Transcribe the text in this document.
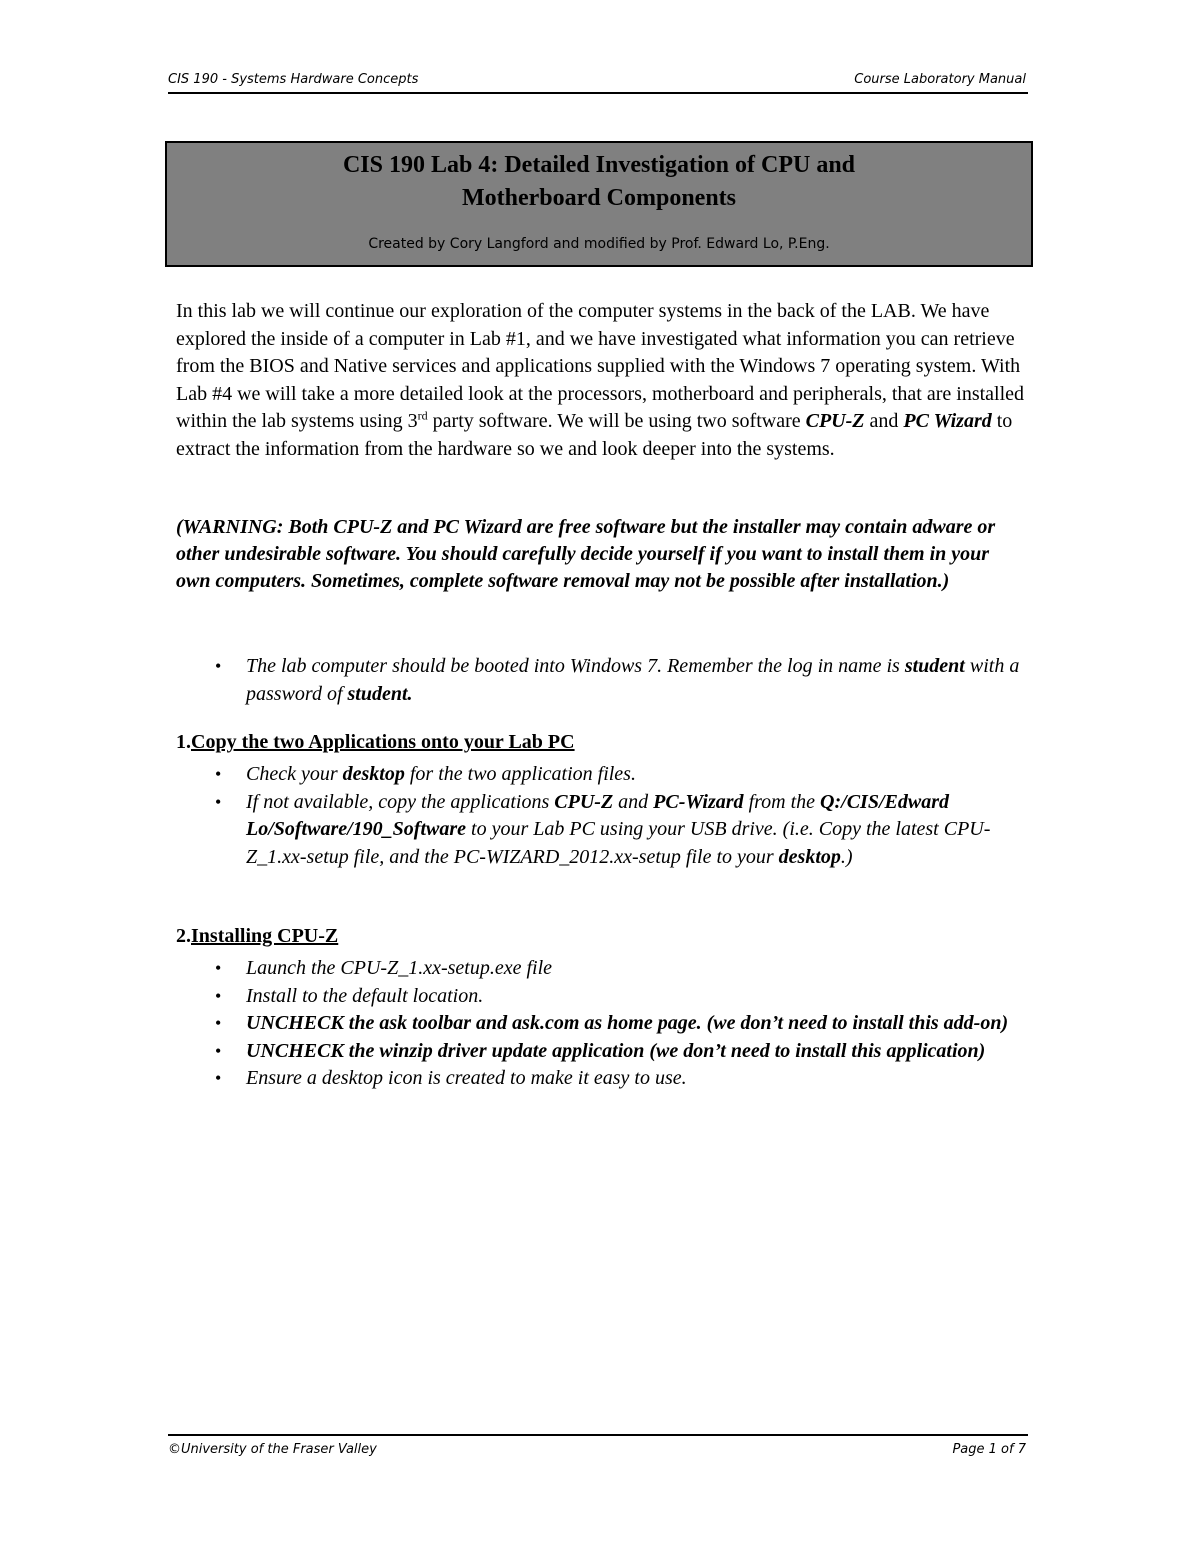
CIS 190 - Systems Hardware Concepts	Course Laboratory Manual
CIS 190 Lab 4: Detailed Investigation of CPU and
Motherboard Components
Created by Cory Langford and modified by Prof. Edward Lo, P.Eng.
In this lab we will continue our exploration of the computer systems in the back of the LAB. We have explored the inside of a computer in Lab #1, and we have investigated what information you can retrieve from the BIOS and Native services and applications supplied with the Windows 7 operating system. With Lab #4 we will take a more detailed look at the processors, motherboard and peripherals, that are installed within the lab systems using 3rd party software. We will be using two software CPU-Z and PC Wizard to extract the information from the hardware so we and look deeper into the systems.
(WARNING: Both CPU-Z and PC Wizard are free software but the installer may contain adware or other undesirable software. You should carefully decide yourself if you want to install them in your own computers. Sometimes, complete software removal may not be possible after installation.)
• The lab computer should be booted into Windows 7. Remember the log in name is student with a password of student.
1.Copy the two Applications onto your Lab PC
• Check your desktop for the two application files.
• If not available, copy the applications CPU-Z and PC-Wizard from the Q:/CIS/Edward Lo/Software/190_Software to your Lab PC using your USB drive. (i.e. Copy the latest CPU-Z_1.xx-setup file, and the PC-WIZARD_2012.xx-setup file to your desktop.)
2.Installing CPU-Z
• Launch the CPU-Z_1.xx-setup.exe file
• Install to the default location.
• UNCHECK the ask toolbar and ask.com as home page. (we don’t need to install this add-on)
• UNCHECK the winzip driver update application (we don’t need to install this application)
• Ensure a desktop icon is created to make it easy to use.
©University of the Fraser Valley	Page 1 of 7
